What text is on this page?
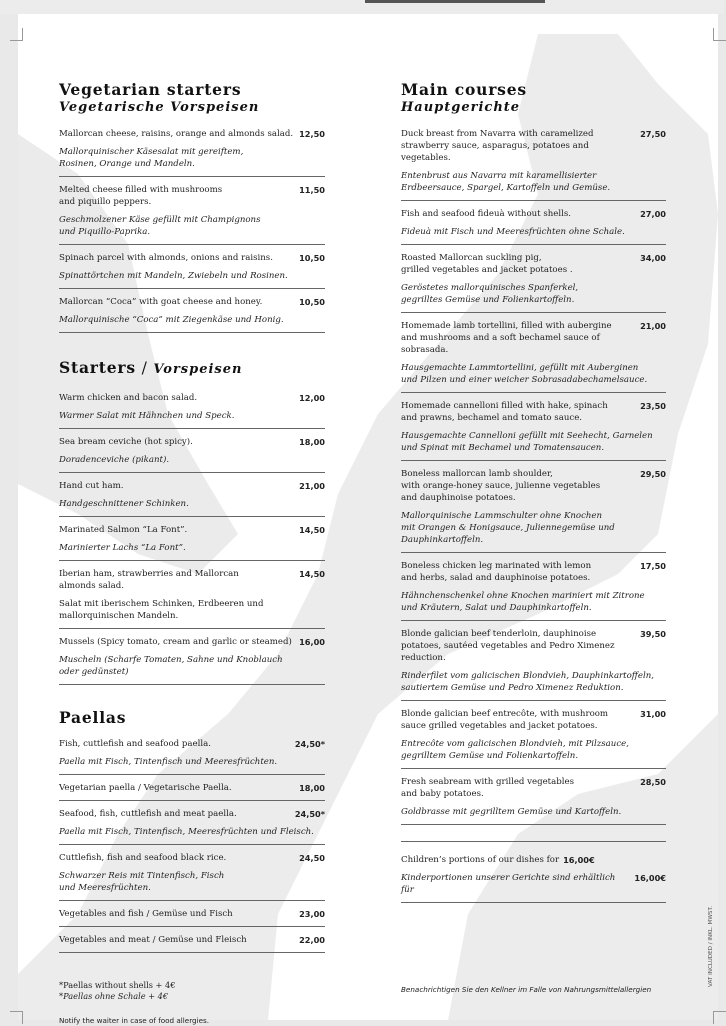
Vegetarian starters
Vegetarische Vorspeisen
Mallorcan cheese, raisins, orange and almonds salad. 12,50
Mallorquinischer Käsesalat mit gereiftem,
Rosinen, Orange und Mandeln.
Melted cheese filled with mushrooms
and piquillo peppers.
11,50
Geschmolzener Käse gefüllt mit Champignons
und Piquillo-Paprika.
Spinach parcel with almonds, onions and raisins.	10,50
Spinattörtchen mit Mandeln, Zwiebeln und Rosinen.
Mallorcan “Coca” with goat cheese and honey.	10,50
Mallorquinische “Coca” mit Ziegenkäse und Honig.
Starters / Vorspeisen
Warm chicken and bacon salad.	12,00
Warmer Salat mit Hähnchen und Speck.
Sea bream ceviche (hot spicy).	18,00
Doradenceviche (pikant).
Hand cut ham.	21,00
Handgeschnittener Schinken.
Marinated Salmon “La Font”.	14,50
Marinierter Lachs “La Font”.
Iberian ham, strawberries and Mallorcan
almonds salad.
14,50
Salat mit iberischem Schinken, Erdbeeren und
mallorquinischen Mandeln.
Mussels (Spicy tomato, cream and garlic or steamed) 16,00
Muscheln (Scharfe Tomaten, Sahne und Knoblauch
oder gedünstet)
Paellas
Fish, cuttlefish and seafood paella.	24,50*
Paella mit Fisch, Tintenfisch und Meeresfrüchten.
Vegetarian paella / Vegetarische Paella.	18,00
Seafood, fish, cuttlefish and meat paella.	24,50*
Paella mit Fisch, Tintenfisch, Meeresfrüchten und Fleisch.
Cuttlefish, fish and seafood black rice.	24,50
Schwarzer Reis mit Tintenfisch, Fisch
und Meeresfrüchten.
Vegetables and fish / Gemüse und Fisch	23,00
Vegetables and meat / Gemüse und Fleisch	22,00
*Paellas without shells + 4€
*Paellas ohne Schale + 4€
Notify the waiter in case of food allergies.
Main courses
Hauptgerichte
Duck breast from Navarra with caramelized
strawberry sauce, asparagus, potatoes and vegetables.
27,50
Entenbrust aus Navarra mit karamellisierter
Erdbeersauce, Spargel, Kartoffeln und Gemüse.
Fish and seafood fideuà without shells.	27,00
Fideuà mit Fisch und Meeresfrüchten ohne Schale.
Roasted Mallorcan suckling pig,
grilled vegetables and jacket potatoes .
34,00
Geröstetes mallorquinisches Spanferkel,
gegrilltes Gemüse und Folienkartoffeln.
Homemade lamb tortellini, filled with aubergine
and mushrooms and a soft bechamel sauce of sobrasada.
21,00
Hausgemachte Lammtortellini, gefüllt mit Auberginen
und Pilzen und einer weicher Sobrasadabechamelsauce.
Homemade cannelloni filled with hake, spinach
and prawns, bechamel and tomato sauce.
23,50
Hausgemachte Cannelloni gefüllt mit Seehecht, Garnelen
und Spinat mit Bechamel und Tomatensaucen.
Boneless mallorcan lamb shoulder,
with orange-honey sauce, julienne vegetables
and dauphinoise potatoes.
29,50
Mallorquinische Lammschulter ohne Knochen
mit Orangen & Honigsauce, Juliennegemüse und
Dauphinkartoffeln.
Boneless chicken leg marinated with lemon
and herbs, salad and dauphinoise potatoes.
17,50
Hähnchenschenkel ohne Knochen mariniert mit Zitrone
und Kräutern, Salat und Dauphinkartoffeln.
Blonde galician beef tenderloin, dauphinoise
potatoes, sautéed vegetables and Pedro Ximenez
reduction.
39,50
Rinderfilet vom galicischen Blondvieh, Dauphinkartoffeln,
sautiertem Gemüse und Pedro Ximenez Reduktion.
Blonde galician beef entrecôte, with mushroom
sauce grilled vegetables and jacket potatoes.
31,00
Entrecôte vom galicischen Blondvieh, mit Pilzsauce,
gegrilltem Gemüse und Folienkartoffeln.
Fresh seabream with grilled vegetables
and baby potatoes.
28,50
Goldbrasse mit gegrilltem Gemüse und Kartoffeln.
Children’s portions of our dishes for 16,00€
Kinderportionen unserer Gerichte sind erhältlich für
16,00€
Benachrichtigen Sie den Kellner im Falle von Nahrungsmittelallergien
VAT INCLUDED / INKL. MWST.
